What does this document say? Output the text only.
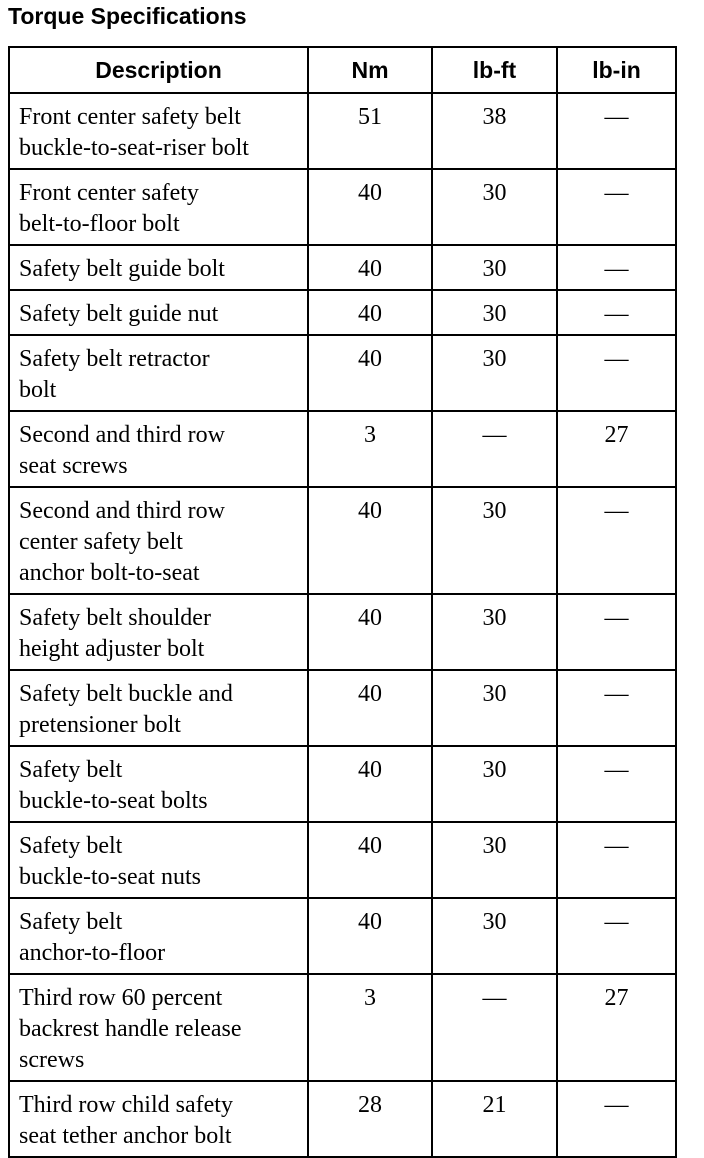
Torque Specifications
Description	Nm	lb-ft	lb-in
Front center safety belt
buckle-to-seat-riser bolt	51	38	—
Front center safety
belt-to-floor bolt	40	30	—
Safety belt guide bolt	40	30	—
Safety belt guide nut	40	30	—
Safety belt retractor
bolt	40	30	—
Second and third row
seat screws	3	—	27
Second and third row
center safety belt
anchor bolt-to-seat	40	30	—
Safety belt shoulder
height adjuster bolt	40	30	—
Safety belt buckle and
pretensioner bolt	40	30	—
Safety belt
buckle-to-seat bolts	40	30	—
Safety belt
buckle-to-seat nuts	40	30	—
Safety belt
anchor-to-floor	40	30	—
Third row 60 percent
backrest handle release
screws	3	—	27
Third row child safety
seat tether anchor bolt	28	21	—
